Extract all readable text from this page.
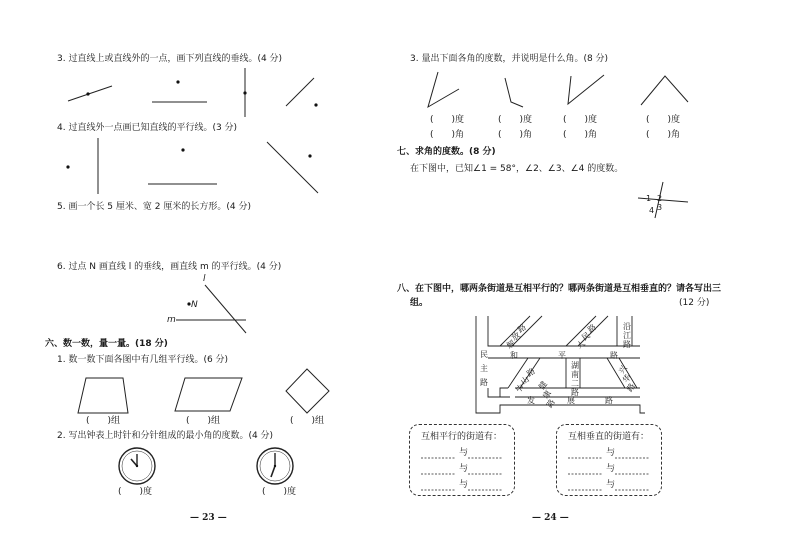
3. 过直线上或直线外的一点，画下列直线的垂线。(4 分)
4. 过直线外一点画已知直线的平行线。(3 分)
5. 画一个长 5 厘米、宽 2 厘米的长方形。(4 分)
6. 过点 N 画直线 l 的垂线，画直线 m 的平行线。(4 分)
l
N
m
六、数一数，量一量。(18 分)
1. 数一数下面各图中有几组平行线。(6 分)
(　　)组	(　　)组	(　　)组
2. 写出钟表上时针和分针组成的最小角的度数。(4 分)
(　　)度	(　　)度
— 23 —
3. 量出下面各角的度数，并说明是什么角。(8 分)
(　　)度	(　　)度	(　　)度	(　　)度
(　　)角	(　　)角	(　　)角	(　　)角
七、求角的度数。(8 分)
在下图中，已知∠1 = 58°，∠2、∠3、∠4 的度数。
1 2
3
4
八、在下图中，哪两条街道是互相平行的？哪两条街道是互相垂直的？请各写出三
组。	(12 分)
解
放
路
人
民
路	沿
江
路
民
主
路
和	平	路
中
山
路
湖
南
二
路
兴
华
路
发	展	路
健
康
路
互相平行的街道有：	互相垂直的街道有：
与
与
与
与
与
与
— 24 —
